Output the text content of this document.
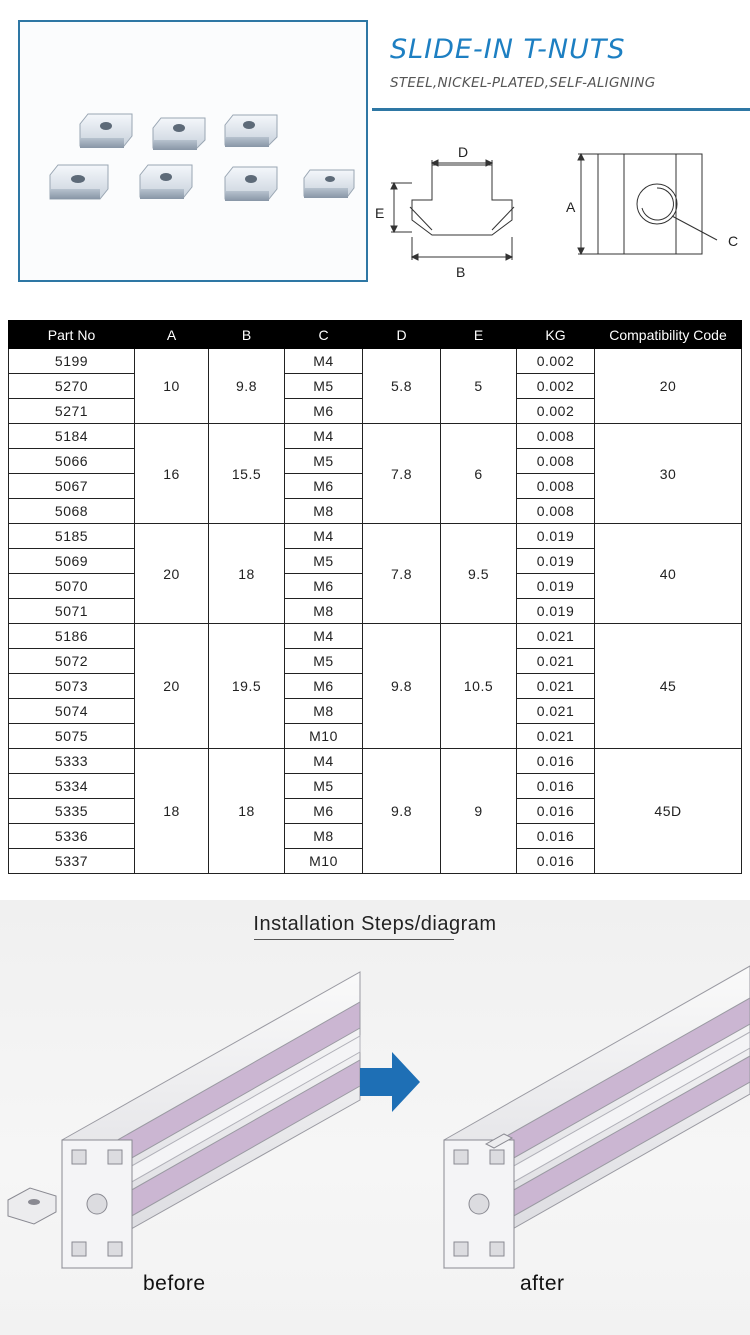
SLIDE-IN T-NUTS
STEEL,NICKEL-PLATED,SELF-ALIGNING
D
E
B
A
C
Part No	A	B	C	D	E	KG	Compatibility Code
5199	10	9.8	M4	5.8	5	0.002	20
5270			M5			0.002	
5271			M6			0.002	
5184	16	15.5	M4	7.8	6	0.008	30
5066			M5			0.008	
5067			M6			0.008	
5068			M8			0.008	
5185	20	18	M4	7.8	9.5	0.019	40
5069			M5			0.019	
5070			M6			0.019	
5071			M8			0.019	
5186	20	19.5	M4	9.8	10.5	0.021	45
5072			M5			0.021	
5073			M6			0.021	
5074			M8			0.021	
5075			M10			0.021	
5333	18	18	M4	9.8	9	0.016	45D
5334			M5			0.016	
5335			M6			0.016	
5336			M8			0.016	
5337			M10			0.016	
Installation Steps/diagram
before	after
